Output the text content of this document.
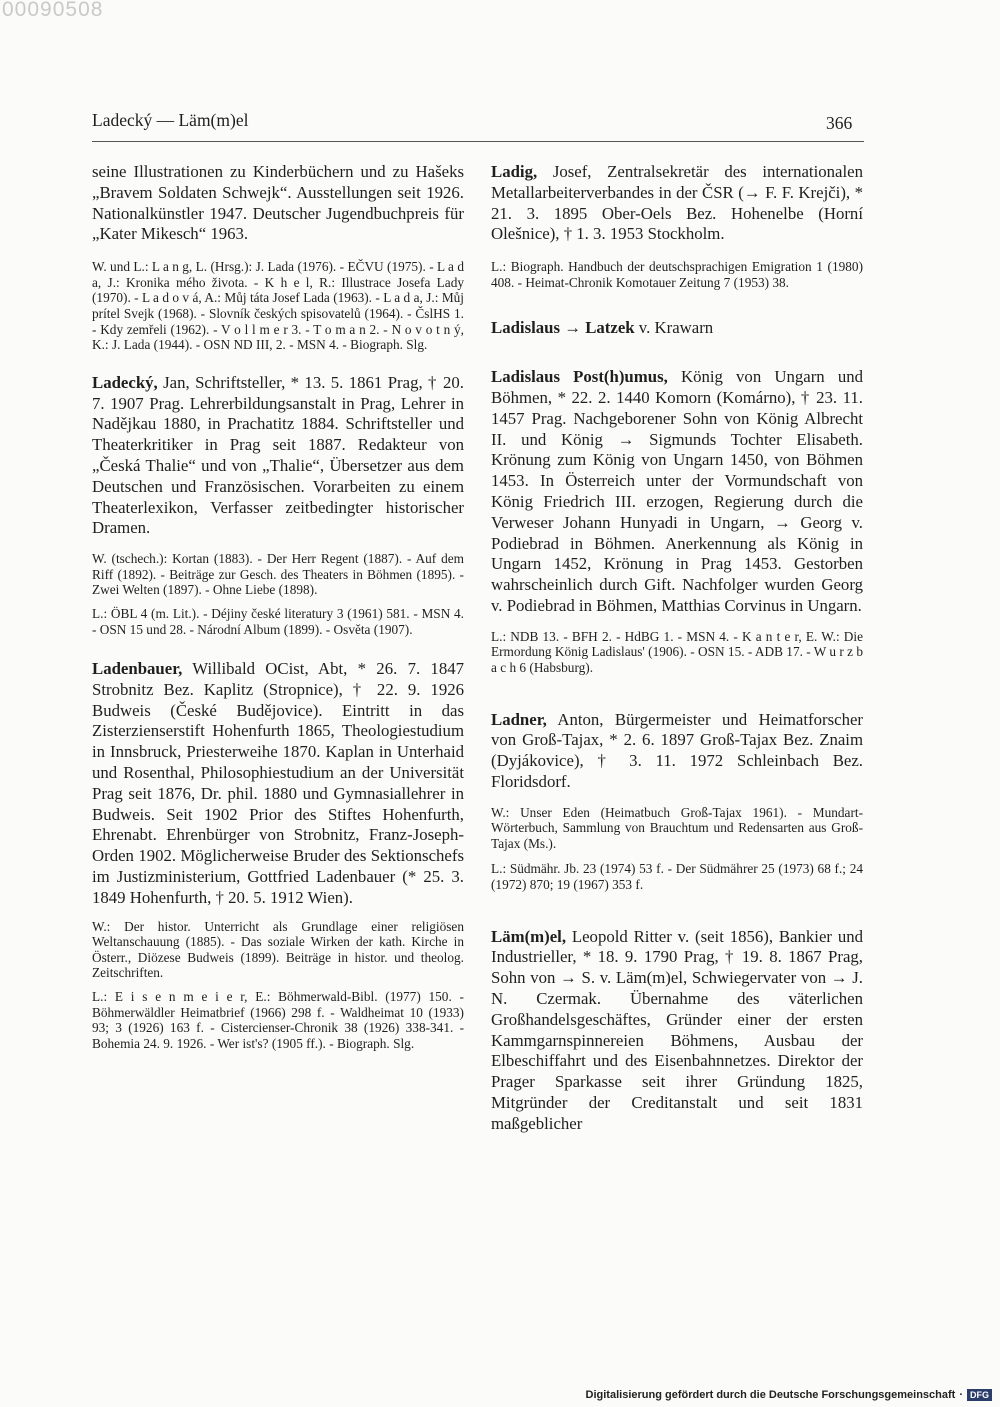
00090508
Ladecký — Läm(m)el	366

seine Illustrationen zu Kinderbüchern und zu Hašeks „Bravem Soldaten Schwejk“. Ausstellungen seit 1926. Nationalkünstler 1947. Deutscher Jugendbuchpreis für „Kater Mikesch“ 1963.

W. und L.: L a n g, L. (Hrsg.): J. Lada (1976). - EČVU (1975). - L a d a, J.: Kronika mého života. - K h e l, R.: Illustrace Josefa Lady (1970). - L a d o v á, A.: Můj táta Josef Lada (1963). - L a d a, J.: Můj prítel Svejk (1968). - Slovník českých spisovatelů (1964). - ČslHS 1. - Kdy zemřeli (1962). - V o l l m e r 3. - T o m a n 2. - N o v o t n ý, K.: J. Lada (1944). - OSN ND III, 2. - MSN 4. - Biograph. Slg.

Ladecký, Jan, Schriftsteller, * 13. 5. 1861 Prag, † 20. 7. 1907 Prag. Lehrerbildungsanstalt in Prag, Lehrer in Nadějkau 1880, in Prachatitz 1884. Schriftsteller und Theaterkritiker in Prag seit 1887. Redakteur von „Česká Thalie“ und von „Thalie“, Übersetzer aus dem Deutschen und Französischen. Vorarbeiten zu einem Theaterlexikon, Verfasser zeitbedingter historischer Dramen.

W. (tschech.): Kortan (1883). - Der Herr Regent (1887). - Auf dem Riff (1892). - Beiträge zur Gesch. des Theaters in Böhmen (1895). - Zwei Welten (1897). - Ohne Liebe (1898).

L.: ÖBL 4 (m. Lit.). - Déjiny české literatury 3 (1961) 581. - MSN 4. - OSN 15 und 28. - Národní Album (1899). - Osvěta (1907).

Ladenbauer, Willibald OCist, Abt, * 26. 7. 1847 Strobnitz Bez. Kaplitz (Stropnice), † 22. 9. 1926 Budweis (České Budějovice). Eintritt in das Zisterzienserstift Hohenfurth 1865, Theologiestudium in Innsbruck, Priesterweihe 1870. Kaplan in Unterhaid und Rosenthal, Philosophiestudium an der Universität Prag seit 1876, Dr. phil. 1880 und Gymnasiallehrer in Budweis. Seit 1902 Prior des Stiftes Hohenfurth, Ehrenabt. Ehrenbürger von Strobnitz, Franz-Joseph-Orden 1902. Möglicherweise Bruder des Sektionschefs im Justizministerium, Gottfried Ladenbauer (* 25. 3. 1849 Hohenfurth, † 20. 5. 1912 Wien).

W.: Der histor. Unterricht als Grundlage einer religiösen Weltanschauung (1885). - Das soziale Wirken der kath. Kirche in Österr., Diözese Budweis (1899). Beiträge in histor. und theolog. Zeitschriften.

L.: E i s e n m e i e r, E.: Böhmerwald-Bibl. (1977) 150. - Böhmerwäldler Heimatbrief (1966) 298 f. - Waldheimat 10 (1933) 93; 3 (1926) 163 f. - Cistercienser-Chronik 38 (1926) 338-341. - Bohemia 24. 9. 1926. - Wer ist's? (1905 ff.). - Biograph. Slg.

Ladig, Josef, Zentralsekretär des internationalen Metallarbeiterverbandes in der ČSR (→ F. F. Krejči), * 21. 3. 1895 Ober-Oels Bez. Hohenelbe (Horní Olešnice), † 1. 3. 1953 Stockholm.

L.: Biograph. Handbuch der deutschsprachigen Emigration 1 (1980) 408. - Heimat-Chronik Komotauer Zeitung 7 (1953) 38.

Ladislaus → Latzek v. Krawarn

Ladislaus Post(h)umus, König von Ungarn und Böhmen, * 22. 2. 1440 Komorn (Komárno), † 23. 11. 1457 Prag. Nachgeborener Sohn von König Albrecht II. und König → Sigmunds Tochter Elisabeth. Krönung zum König von Ungarn 1450, von Böhmen 1453. In Österreich unter der Vormundschaft von König Friedrich III. erzogen, Regierung durch die Verweser Johann Hunyadi in Ungarn, → Georg v. Podiebrad in Böhmen. Anerkennung als König in Ungarn 1452, Krönung in Prag 1453. Gestorben wahrscheinlich durch Gift. Nachfolger wurden Georg v. Podiebrad in Böhmen, Matthias Corvinus in Ungarn.

L.: NDB 13. - BFH 2. - HdBG 1. - MSN 4. - K a n t e r, E. W.: Die Ermordung König Ladislaus' (1906). - OSN 15. - ADB 17. - W u r z b a c h 6 (Habsburg).

Ladner, Anton, Bürgermeister und Heimatforscher von Groß-Tajax, * 2. 6. 1897 Groß-Tajax Bez. Znaim (Dyjákovice), † 3. 11. 1972 Schleinbach Bez. Floridsdorf.

W.: Unser Eden (Heimatbuch Groß-Tajax 1961). - Mundart-Wörterbuch, Sammlung von Brauchtum und Redensarten aus Groß-Tajax (Ms.).

L.: Südmähr. Jb. 23 (1974) 53 f. - Der Südmährer 25 (1973) 68 f.; 24 (1972) 870; 19 (1967) 353 f.

Läm(m)el, Leopold Ritter v. (seit 1856), Bankier und Industrieller, * 18. 9. 1790 Prag, † 19. 8. 1867 Prag, Sohn von → S. v. Läm(m)el, Schwiegervater von → J. N. Czermak. Übernahme des väterlichen Großhandelsgeschäftes, Gründer einer der ersten Kammgarnspinnereien Böhmens, Ausbau der Elbeschiffahrt und des Eisenbahnnetzes. Direktor der Prager Sparkasse seit ihrer Gründung 1825, Mitgründer der Creditanstalt und seit 1831 maßgeblicher

Digitalisierung gefördert durch die Deutsche Forschungsgemeinschaft · DFG
